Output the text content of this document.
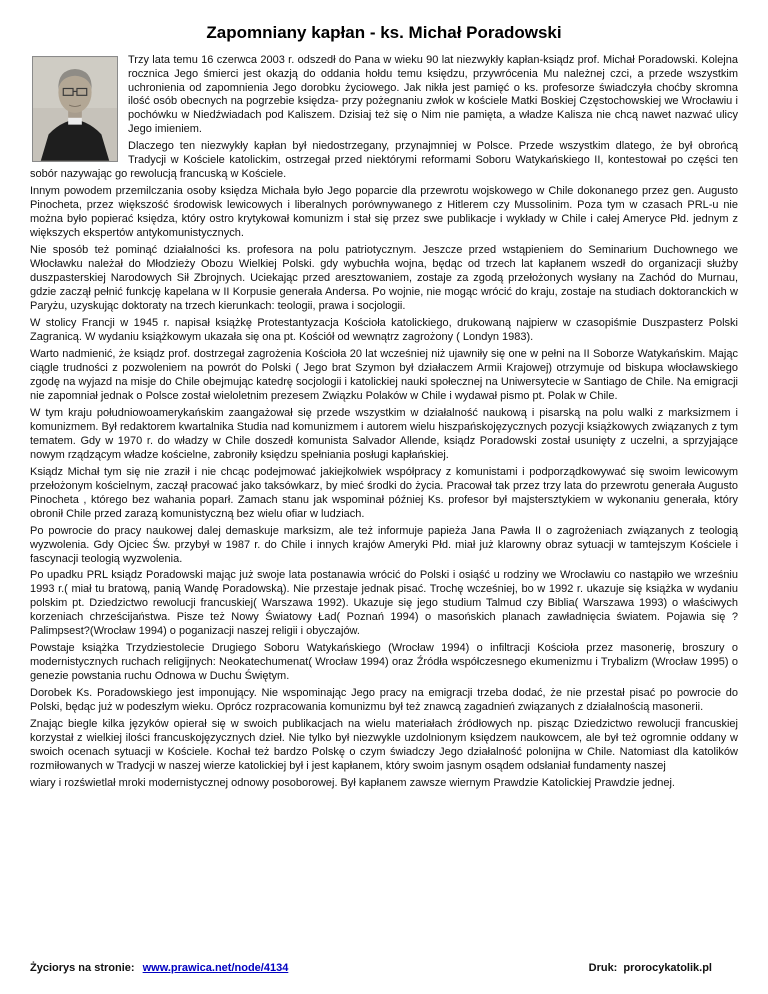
Zapomniany kapłan - ks. Michał Poradowski

Trzy lata temu 16 czerwca 2003 r. odszedł do Pana w wieku 90 lat niezwykły kapłan-ksiądz prof. Michał Poradowski. Kolejna rocznica Jego śmierci jest okazją do oddania hołdu temu księdzu, przywrócenia Mu należnej czci, a przede wszystkim uchronienia od zapomnienia Jego dorobku życiowego. Jak nikła jest pamięć o ks. profesorze świadczyła choćby skromna ilość osób obecnych na pogrzebie księdza- przy pożegnaniu zwłok w kościele Matki Boskiej Częstochowskiej we Wrocławiu i pochówku w Niedźwiadach pod Kaliszem. Dzisiaj też się o Nim nie pamięta, a władze Kalisza nie chcą nawet nazwać ulicy Jego imieniem.

Dlaczego ten niezwykły kapłan był niedostrzegany, przynajmniej w Polsce. Przede wszystkim dlatego, że był obrońcą Tradycji w Kościele katolickim, ostrzegał przed niektórymi reformami Soboru Watykańskiego II, kontestował po części ten sobór nazywając go rewolucją francuską w Kościele.

Innym powodem przemilczania osoby księdza Michała było Jego poparcie dla przewrotu wojskowego w Chile dokonanego przez gen. Augusto Pinocheta, przez większość środowisk lewicowych i liberalnych porównywanego z Hitlerem czy Mussolinim. Poza tym w czasach PRL-u nie można było popierać księdza, który ostro krytykował komunizm i stał się przez swe publikacje i wykłady w Chile i całej Ameryce Płd. jednym z większych ekspertów antykomunistycznych.

Nie sposób też pominąć działalności ks. profesora na polu patriotycznym. Jeszcze przed wstąpieniem do Seminarium Duchownego we Włocławku należał do Młodzieży Obozu Wielkiej Polski. gdy wybuchła wojna, będąc od trzech lat kapłanem wszedł do organizacji służby duszpasterskiej Narodowych Sił Zbrojnych. Uciekając przed aresztowaniem, zostaje za zgodą przełożonych wysłany na Zachód do Murnau, gdzie zaczął pełnić funkcję kapelana w II Korpusie generała Andersa. Po wojnie, nie mogąc wrócić do kraju, zostaje na studiach doktoranckich w Paryżu, uzyskując doktoraty na trzech kierunkach: teologii, prawa i socjologii.

W stolicy Francji w 1945 r. napisał książkę Protestantyzacja Kościoła katolickiego, drukowaną najpierw w czasopiśmie Duszpasterz Polski Zagranicą. W wydaniu książkowym ukazała się ona pt. Kościół od wewnątrz zagrożony ( Londyn 1983).

Warto nadmienić, że ksiądz prof. dostrzegał zagrożenia Kościoła 20 lat wcześniej niż ujawniły się one w pełni na II Soborze Watykańskim. Mając ciągle trudności z pozwoleniem na powrót do Polski ( Jego brat Szymon był działaczem Armii Krajowej) otrzymuje od biskupa włocławskiego zgodę na wyjazd na misje do Chile obejmując katedrę socjologii i katolickiej nauki społecznej na Uniwersytecie w Santiago de Chile. Na emigracji nie zapomniał jednak o Polsce został wieloletnim prezesem Związku Polaków w Chile i wydawał pismo pt. Polak w Chile.

W tym kraju południowoamerykańskim zaangażował się przede wszystkim w działalność naukową i pisarską na polu walki z marksizmem i komunizmem. Był redaktorem kwartalnika Studia nad komunizmem i autorem wielu hiszpańskojęzycznych pozycji książkowych związanych z tym tematem. Gdy w 1970 r. do władzy w Chile doszedł komunista Salvador Allende, ksiądz Poradowski został usunięty z uczelni, a sprzyjające nowym rządzącym władze kościelne, zabroniły księdzu spełniania posługi kapłańskiej.

Ksiądz Michał tym się nie zraził i nie chcąc podejmować jakiejkolwiek współpracy z komunistami i podporządkowywać się swoim lewicowym przełożonym kościelnym, zaczął pracować jako taksówkarz, by mieć środki do życia. Pracował tak przez trzy lata do przewrotu generała Augusto Pinocheta , którego bez wahania poparł. Zamach stanu jak wspominał później Ks. profesor był majstersztykiem w wykonaniu generała, który obronił Chile przed zarazą komunistyczną bez wielu ofiar w ludziach.

Po powrocie do pracy naukowej dalej demaskuje marksizm, ale też informuje papieża Jana Pawła II o zagrożeniach związanych z teologią wyzwolenia. Gdy Ojciec Św. przybył w 1987 r. do Chile i innych krajów Ameryki Płd. miał już klarowny obraz sytuacji w tamtejszym Kościele i fascynacji teologią wyzwolenia.

Po upadku PRL ksiądz Poradowski mając już swoje lata postanawia wrócić do Polski i osiąść u rodziny we Wrocławiu co nastąpiło we wrześniu 1993 r.( miał tu bratową, panią Wandę Poradowską). Nie przestaje jednak pisać. Trochę wcześniej, bo w 1992 r. ukazuje się książka w wydaniu polskim pt. Dziedzictwo rewolucji francuskiej( Warszawa 1992). Ukazuje się jego studium Talmud czy Biblia( Warszawa 1993) o właściwych korzeniach chrześcijaństwa. Pisze też Nowy Światowy Ład( Poznań 1994) o masońskich planach zawładnięcia światem. Pojawia się ?Palimpsest?(Wrocław 1994) o poganizacji naszej religii i obyczajów.

Powstaje książka Trzydziestolecie Drugiego Soboru Watykańskiego (Wrocław 1994) o infiltracji Kościoła przez masonerię, broszury o modernistycznych ruchach religijnych: Neokatechumenat( Wrocław 1994) oraz Źródła współczesnego ekumenizmu i Trybalizm (Wrocław 1995) o genezie powstania ruchu Odnowa w Duchu Świętym.

Dorobek Ks. Poradowskiego jest imponujący. Nie wspominając Jego pracy na emigracji trzeba dodać, że nie przestał pisać po powrocie do Polski, będąc już w podeszłym wieku. Oprócz rozpracowania komunizmu był też znawcą zagadnień związanych z działalnością masonerii.

Znając biegle kilka języków opierał się w swoich publikacjach na wielu materiałach źródłowych np. pisząc Dziedzictwo rewolucji francuskiej korzystał z wielkiej ilości francuskojęzycznych dzieł. Nie tylko był niezwykle uzdolnionym księdzem naukowcem, ale był też ogromnie oddany w swoich ocenach sytuacji w Kościele. Kochał też bardzo Polskę o czym świadczy Jego działalność polonijna w Chile. Natomiast dla katolików rozmiłowanych w Tradycji w naszej wierze katolickiej był i jest kapłanem, który swoim jasnym osądem odsłaniał fundamenty naszej

wiary i rozświetlał mroki modernistycznej odnowy posoborowej. Był kapłanem zawsze wiernym Prawdzie Katolickiej Prawdzie jednej.

Życiorys na stronie: www.prawica.net/node/4134	Druk: prorocykatolik.pl
